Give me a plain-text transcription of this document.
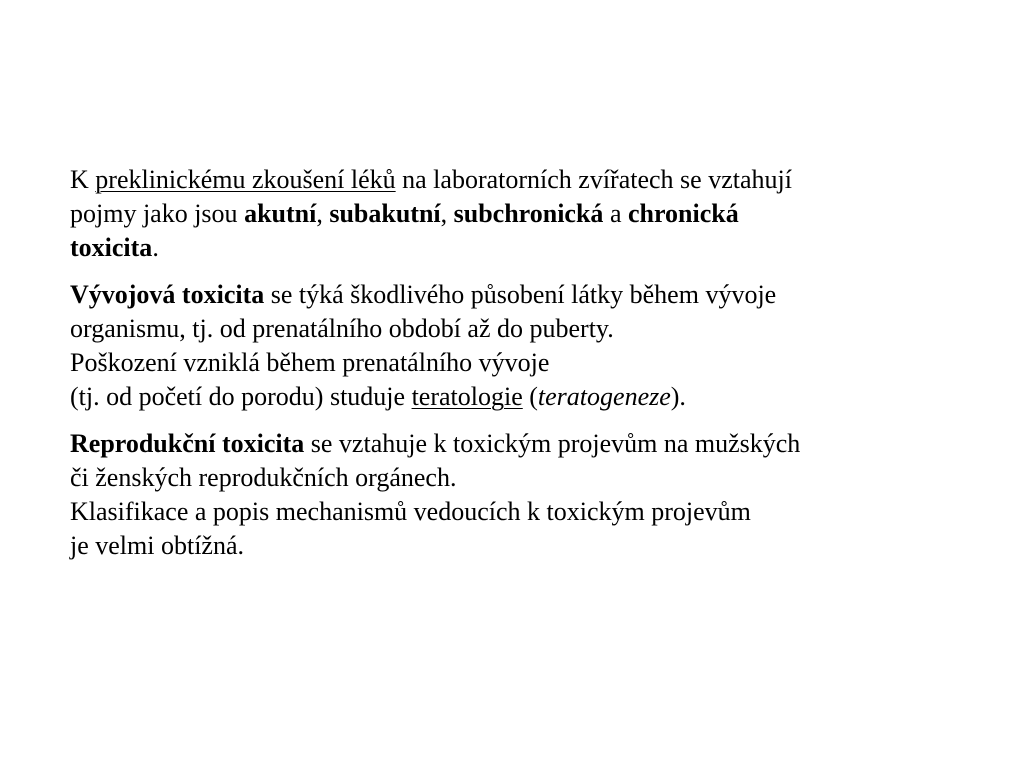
K preklinickému zkoušení léků na laboratorních zvířatech se vztahují
pojmy jako jsou akutní, subakutní, subchronická a chronická
toxicita.
Vývojová toxicita se týká škodlivého působení látky během vývoje
organismu, tj. od prenatálního období až do puberty.
Poškození vzniklá během prenatálního vývoje
(tj. od početí do porodu) studuje teratologie (teratogeneze).
Reprodukční toxicita se vztahuje k toxickým projevům na mužských
či ženských reprodukčních orgánech.
Klasifikace a popis mechanismů vedoucích k toxickým projevům
je velmi obtížná.
